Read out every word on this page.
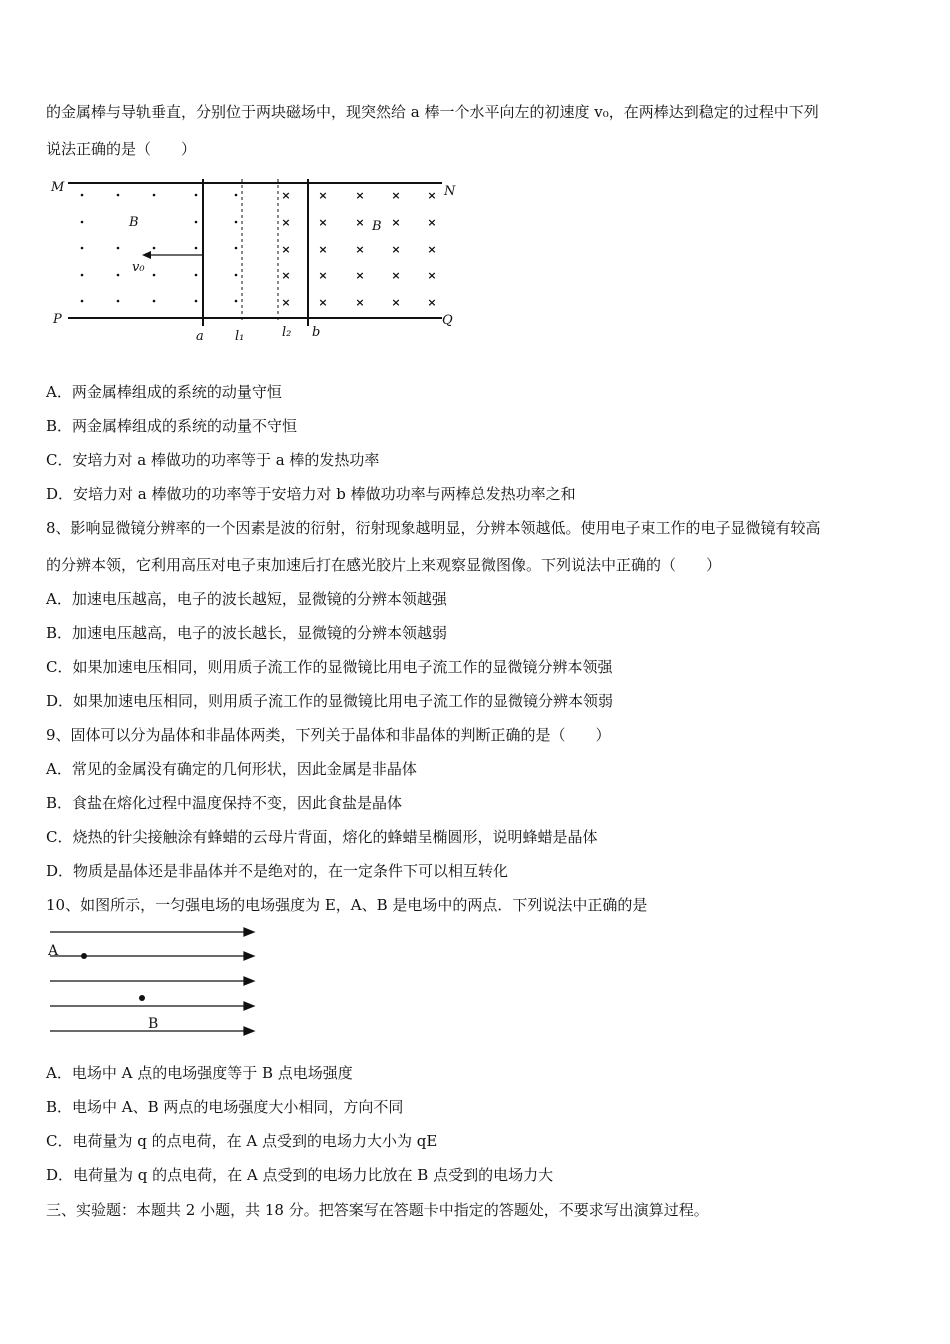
的金属棒与导轨垂直，分别位于两块磁场中，现突然给 a 棒一个水平向左的初速度 v₀，在两棒达到稳定的过程中下列
说法正确的是（　　）
×	×	× × ×
×	×	× × ×
×	×	× × ×
×	×	× × ×
×	×	× × ×
M	N
P	Q
B	B
v₀
a l₁	l₂ b
A．两金属棒组成的系统的动量守恒
B．两金属棒组成的系统的动量不守恒
C．安培力对 a 棒做功的功率等于 a 棒的发热功率
D．安培力对 a 棒做功的功率等于安培力对 b 棒做功功率与两棒总发热功率之和
8、影响显微镜分辨率的一个因素是波的衍射，衍射现象越明显，分辨本领越低。使用电子束工作的电子显微镜有较高
的分辨本领，它利用高压对电子束加速后打在感光胶片上来观察显微图像。下列说法中正确的（　　）
A．加速电压越高，电子的波长越短，显微镜的分辨本领越强
B．加速电压越高，电子的波长越长，显微镜的分辨本领越弱
C．如果加速电压相同，则用质子流工作的显微镜比用电子流工作的显微镜分辨本领强
D．如果加速电压相同，则用质子流工作的显微镜比用电子流工作的显微镜分辨本领弱
9、固体可以分为晶体和非晶体两类，下列关于晶体和非晶体的判断正确的是（　　）
A．常见的金属没有确定的几何形状，因此金属是非晶体
B．食盐在熔化过程中温度保持不变，因此食盐是晶体
C．烧热的针尖接触涂有蜂蜡的云母片背面，熔化的蜂蜡呈椭圆形，说明蜂蜡是晶体
D．物质是晶体还是非晶体并不是绝对的，在一定条件下可以相互转化
10、如图所示，一匀强电场的电场强度为 E，A、B 是电场中的两点．下列说法中正确的是
A
B
A．电场中 A 点的电场强度等于 B 点电场强度
B．电场中 A、B 两点的电场强度大小相同，方向不同
C．电荷量为 q 的点电荷，在 A 点受到的电场力大小为 qE
D．电荷量为 q 的点电荷，在 A 点受到的电场力比放在 B 点受到的电场力大
三、实验题：本题共 2 小题，共 18 分。把答案写在答题卡中指定的答题处，不要求写出演算过程。
